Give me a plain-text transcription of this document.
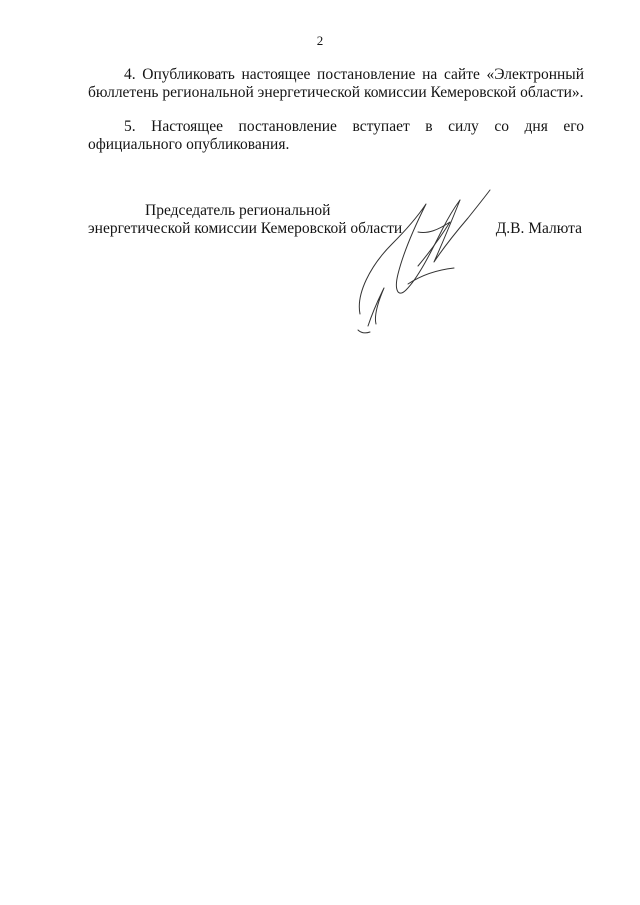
2

4. Опубликовать настоящее постановление на сайте «Электронный бюллетень региональной энергетической комиссии Кемеровской области».

5. Настоящее постановление вступает в силу со дня его официального опубликования.

Председатель региональной
энергетической комиссии Кемеровской области	Д.В. Малюта
